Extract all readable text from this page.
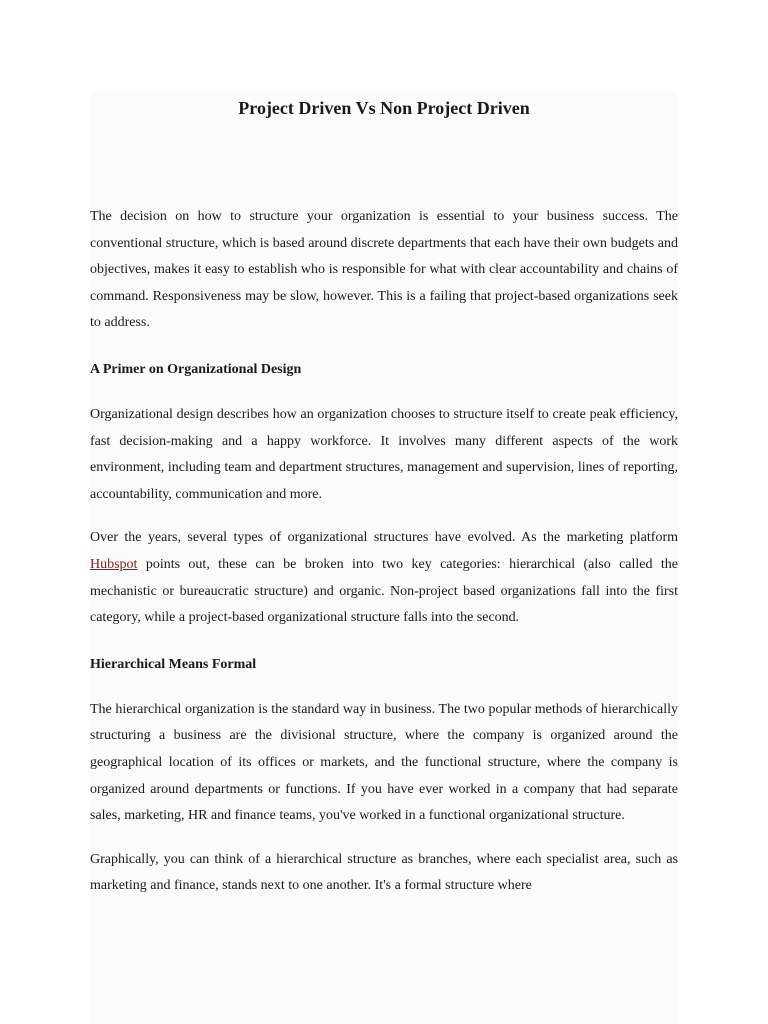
Project Driven Vs Non Project Driven

The decision on how to structure your organization is essential to your business success. The conventional structure, which is based around discrete departments that each have their own budgets and objectives, makes it easy to establish who is responsible for what with clear accountability and chains of command. Responsiveness may be slow, however. This is a failing that project-based organizations seek to address.

A Primer on Organizational Design

Organizational design describes how an organization chooses to structure itself to create peak efficiency, fast decision-making and a happy workforce. It involves many different aspects of the work environment, including team and department structures, management and supervision, lines of reporting, accountability, communication and more.

Over the years, several types of organizational structures have evolved. As the marketing platform Hubspot points out, these can be broken into two key categories: hierarchical (also called the mechanistic or bureaucratic structure) and organic. Non-project based organizations fall into the first category, while a project-based organizational structure falls into the second.

Hierarchical Means Formal

The hierarchical organization is the standard way in business. The two popular methods of hierarchically structuring a business are the divisional structure, where the company is organized around the geographical location of its offices or markets, and the functional structure, where the company is organized around departments or functions. If you have ever worked in a company that had separate sales, marketing, HR and finance teams, you've worked in a functional organizational structure.

Graphically, you can think of a hierarchical structure as branches, where each specialist area, such as marketing and finance, stands next to one another. It's a formal structure where
